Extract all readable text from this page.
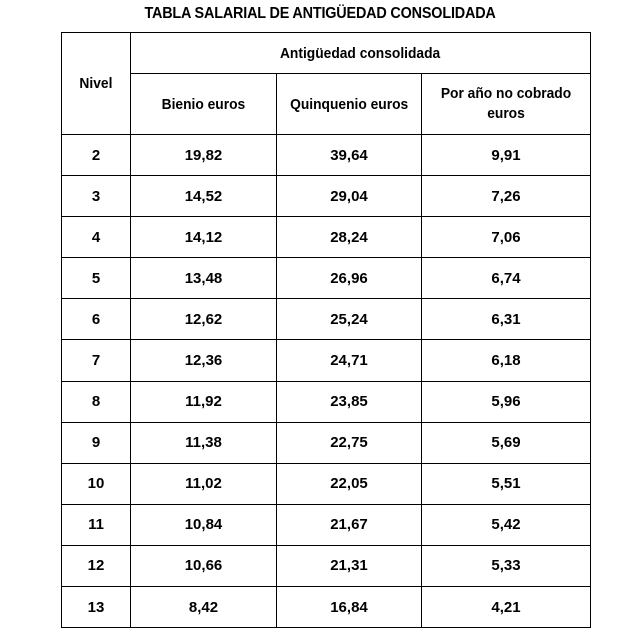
TABLA SALARIAL DE ANTIGÜEDAD CONSOLIDADA
Nivel	Antigüedad consolidada		
	Bienio euros	Quinquenio euros	Por año no cobrado euros
2	19,82	39,64	9,91
3	14,52	29,04	7,26
4	14,12	28,24	7,06
5	13,48	26,96	6,74
6	12,62	25,24	6,31
7	12,36	24,71	6,18
8	11,92	23,85	5,96
9	11,38	22,75	5,69
10	11,02	22,05	5,51
11	10,84	21,67	5,42
12	10,66	21,31	5,33
13	8,42	16,84	4,21
